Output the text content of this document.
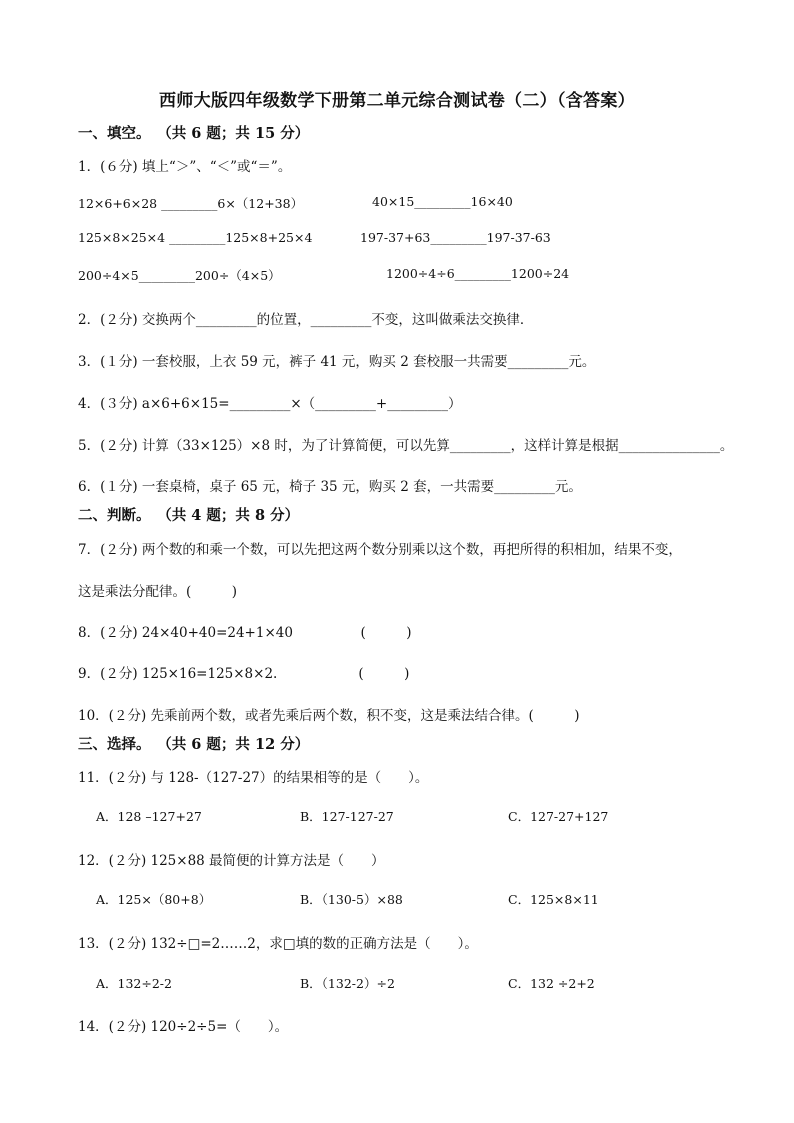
西师大版四年级数学下册第二单元综合测试卷（二）（含答案）
一、填空。 （共 6 题；共 15 分）
1．(６分) 填上“＞”、“＜”或“＝”。
12×6+6×28 _________6×（12+38）	40×15_________16×40
125×8×25×4 _________125×8+25×4	197-37+63_________197-37-63
200÷4×5_________200÷（4×5）	1200÷4÷6_________1200÷24
2．(２分) 交换两个_________的位置，_________不变，这叫做乘法交换律．
3．(１分) 一套校服，上衣 59 元，裤子 41 元，购买 2 套校服一共需要_________元。
4．(３分) a×6+6×15=_________×（_________+_________）
5．(２分) 计算（33×125）×8 时，为了计算简便，可以先算_________，这样计算是根据_______________。
6．(１分) 一套桌椅，桌子 65 元，椅子 35 元，购买 2 套，一共需要_________元。
二、判断。 （共 4 题；共 8 分）
7．(２分) 两个数的和乘一个数，可以先把这两个数分别乘以这个数，再把所得的积相加，结果不变，
这是乘法分配律。(　　　)
8．(２分) 24×40+40=24+1×40　　　　　(　　　)
9．(２分) 125×16=125×8×2.　　　　　　(　　　)
10．(２分) 先乘前两个数，或者先乘后两个数，积不变，这是乘法结合律。(　　　)
三、选择。 （共 6 题；共 12 分）
11．(２分) 与 128-（127-27）的结果相等的是（　　）。
A．128 –127+27	B．127-127-27	C．127-27+127
12．(２分) 125×88 最简便的计算方法是（　　）
A．125×（80+8）	B．（130-5）×88	C．125×8×11
13．(２分) 132÷□=2……2，求□填的数的正确方法是（　　）。
A．132÷2-2	B．（132-2）÷2	C．132 ÷2+2
14．(２分) 120÷2÷5=（　　）。
